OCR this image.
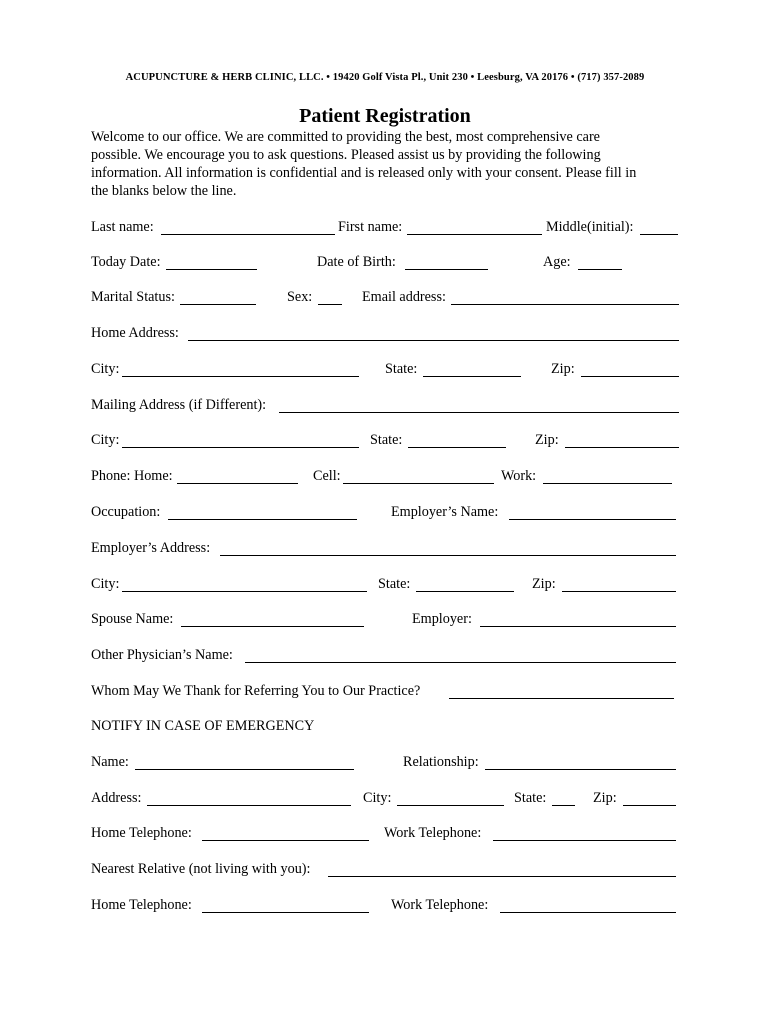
ACUPUNCTURE & HERB CLINIC, LLC. • 19420 Golf Vista Pl., Unit 230 • Leesburg, VA 20176 • (717) 357-2089
Patient Registration
Welcome to our office. We are committed to providing the best, most comprehensive care
possible. We encourage you to ask questions. Pleased assist us by providing the following
information. All information is confidential and is released only with your consent. Please fill in
the blanks below the line.
Last name:	First name:	Middle(initial):
Today Date:	Date of Birth:	Age:
Marital Status:	Sex:	Email address:
Home Address:
City:	State:	Zip:
Mailing Address (if Different):
City:	State:	Zip:
Phone: Home:	Cell:	Work:
Occupation:	Employer’s Name:
Employer’s Address:
City:	State:	Zip:
Spouse Name:	Employer:
Other Physician’s Name:
Whom May We Thank for Referring You to Our Practice?
NOTIFY IN CASE OF EMERGENCY
Name:	Relationship:
Address:	City:	State:	Zip:
Home Telephone:	Work Telephone:
Nearest Relative (not living with you):
Home Telephone:	Work Telephone:
